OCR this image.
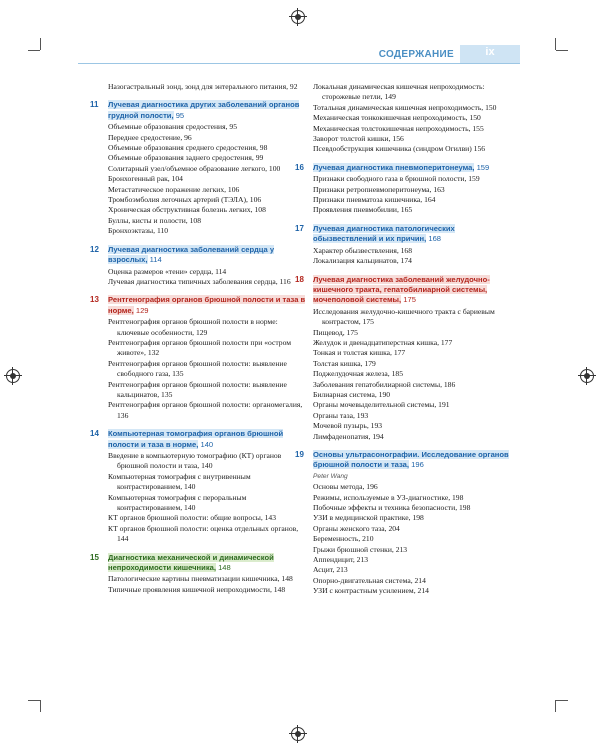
СОДЕРЖАНИЕ	ix
Назогастральный зонд, зонд для энтерального питания, 92
11 Лучевая диагностика других заболеваний органов грудной полости, 95
Объемные образования средостения, 95
Переднее средостение, 96
Объемные образования среднего средостения, 98
Объемные образования заднего средостения, 99
Солитарный узел/объемное образование легкого, 100
Бронхогенный рак, 104
Метастатическое поражение легких, 106
Тромбоэмболия легочных артерий (ТЭЛА), 106
Хроническая обструктивная болезнь легких, 108
Буллы, кисты и полости, 108
Бронхоэктазы, 110
12 Лучевая диагностика заболеваний сердца у взрослых, 114
Оценка размеров «тени» сердца, 114
Лучевая диагностика типичных заболевания сердца, 116
13 Рентгенография органов брюшной полости и таза в норме, 129
Рентгенография органов брюшной полости в норме: ключевые особенности, 129
Рентгенография органов брюшной полости при «остром животе», 132
Рентгенография органов брюшной полости: выявление свободного газа, 135
Рентгенография органов брюшной полости: выявление кальцинатов, 135
Рентгенография органов брюшной полости: органомегалия, 136
14 Компьютерная томография органов брюшной полости и таза в норме, 140
Введение в компьютерную томографию (КТ) органов брюшной полости и таза, 140
Компьютерная томография с внутривенным контрастированием, 140
Компьютерная томография с пероральным контрастированием, 140
КТ органов брюшной полости: общие вопросы, 143
КТ органов брюшной полости: оценка отдельных органов, 144
15 Диагностика механической и динамической непроходимости кишечника, 148
Патологические картины пневматизации кишечника, 148
Типичные проявления кишечной непроходимости, 148
Локальная динамическая кишечная непроходимость: сторожевые петли, 149
Тотальная динамическая кишечная непроходимость, 150
Механическая тонкокишечная непроходимость, 150
Механическая толстокишечная непроходимость, 155
Заворот толстой кишки, 156
Псевдообструкция кишечника (синдром Огилви) 156
16 Лучевая диагностика пневмоперитонеума, 159
Признаки свободного газа в брюшной полости, 159
Признаки ретропневмоперитонеума, 163
Признаки пневматоза кишечника, 164
Проявления пневмобилии, 165
17 Лучевая диагностика патологических обызвествлений и их причин, 168
Характер обызвествления, 168
Локализация кальцинатов, 174
18 Лучевая диагностика заболеваний желудочно-кишечного тракта, гепатобилиарной системы, мочеполовой системы, 175
Исследования желудочно-кишечного тракта с бариевым контрастом, 175
Пищевод, 175
Желудок и двенадцатиперстная кишка, 177
Тонкая и толстая кишка, 177
Толстая кишка, 179
Поджелудочная железа, 185
Заболевания гепатобилиарной системы, 186
Билиарная система, 190
Органы мочевыделительной системы, 191
Органы таза, 193
Мочевой пузырь, 193
Лимфаденопатия, 194
19 Основы ультрасонографии. Исследование органов брюшной полости и таза, 196
Peter Wang
Основы метода, 196
Режимы, используемые в УЗ-диагностике, 198
Побочные эффекты и техника безопасности, 198
УЗИ в медицинской практике, 198
Органы женского таза, 204
Беременность, 210
Грыжи брюшной стенки, 213
Аппендицит, 213
Асцит, 213
Опорно-двигательная система, 214
УЗИ с контрастным усилением, 214
